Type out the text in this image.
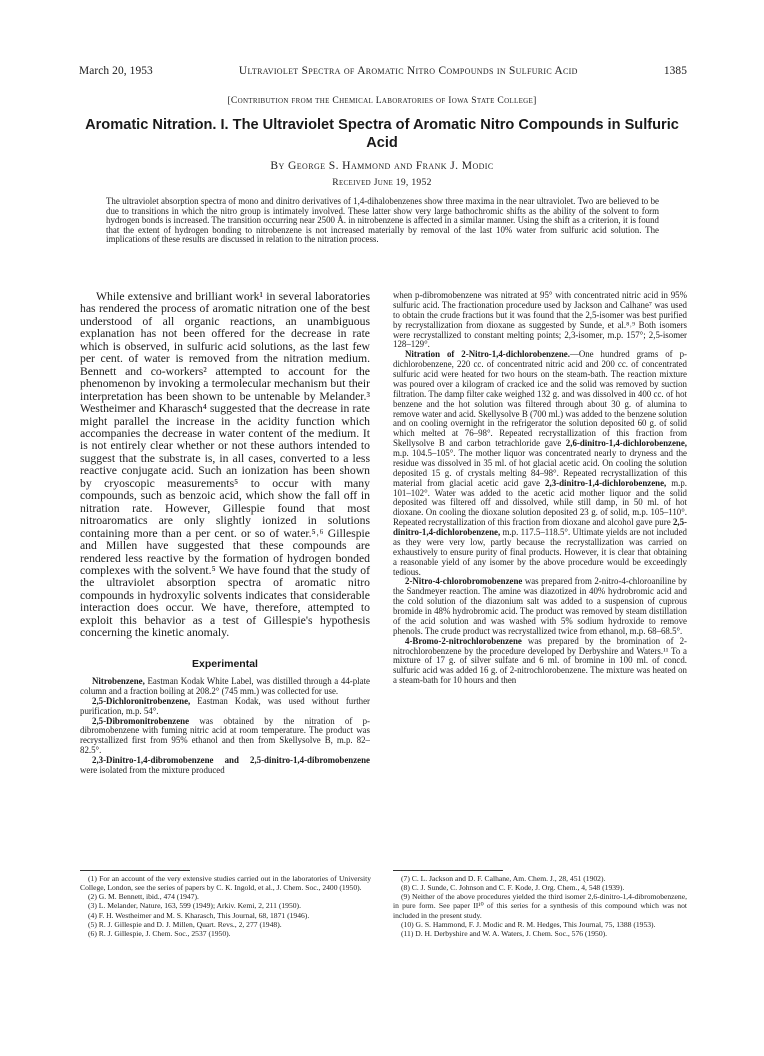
March 20, 1953	Ultraviolet Spectra of Aromatic Nitro Compounds in Sulfuric Acid	1385
[Contribution from the Chemical Laboratories of Iowa State College]
Aromatic Nitration. I. The Ultraviolet Spectra of Aromatic Nitro Compounds in Sulfuric Acid
By George S. Hammond and Frank J. Modic
Received June 19, 1952
The ultraviolet absorption spectra of mono and dinitro derivatives of 1,4-dihalobenzenes show three maxima in the near ultraviolet. Two are believed to be due to transitions in which the nitro group is intimately involved. These latter show very large bathochromic shifts as the ability of the solvent to form hydrogen bonds is increased. The transition occurring near 2500 Å. in nitrobenzene is affected in a similar manner. Using the shift as a criterion, it is found that the extent of hydrogen bonding to nitrobenzene is not increased materially by removal of the last 10% water from sulfuric acid solution. The implications of these results are discussed in relation to the nitration process.

While extensive and brilliant work¹ in several laboratories has rendered the process of aromatic nitration one of the best understood of all organic reactions, an unambiguous explanation has not been offered for the decrease in rate which is observed, in sulfuric acid solutions, as the last few per cent. of water is removed from the nitration medium. Bennett and co-workers² attempted to account for the phenomenon by invoking a termolecular mechanism but their interpretation has been shown to be untenable by Melander.³ Westheimer and Kharasch⁴ suggested that the decrease in rate might parallel the increase in the acidity function which accompanies the decrease in water content of the medium. It is not entirely clear whether or not these authors intended to suggest that the substrate is, in all cases, converted to a less reactive conjugate acid. Such an ionization has been shown by cryoscopic measurements⁵ to occur with many compounds, such as benzoic acid, which show the fall off in nitration rate. However, Gillespie found that most nitroaromatics are only slightly ionized in solutions containing more than a per cent. or so of water.⁵˒⁶ Gillespie and Millen have suggested that these compounds are rendered less reactive by the formation of hydrogen bonded complexes with the solvent.⁵ We have found that the study of the ultraviolet absorption spectra of aromatic nitro compounds in hydroxylic solvents indicates that considerable interaction does occur. We have, therefore, attempted to exploit this behavior as a test of Gillespie's hypothesis concerning the kinetic anomaly.

Experimental

Nitrobenzene, Eastman Kodak White Label, was distilled through a 44-plate column and a fraction boiling at 208.2° (745 mm.) was collected for use.

2,5-Dichloronitrobenzene, Eastman Kodak, was used without further purification, m.p. 54°.

2,5-Dibromonitrobenzene was obtained by the nitration of p-dibromobenzene with fuming nitric acid at room temperature. The product was recrystallized first from 95% ethanol and then from Skellysolve B, m.p. 82–82.5°.

2,3-Dinitro-1,4-dibromobenzene and 2,5-dinitro-1,4-dibromobenzene were isolated from the mixture produced

when p-dibromobenzene was nitrated at 95° with concentrated nitric acid in 95% sulfuric acid. The fractionation procedure used by Jackson and Calhane⁷ was used to obtain the crude fractions but it was found that the 2,5-isomer was best purified by recrystallization from dioxane as suggested by Sunde, et al.⁸˒⁹ Both isomers were recrystallized to constant melting points; 2,3-isomer, m.p. 157°; 2,5-isomer 128–129°.

Nitration of 2-Nitro-1,4-dichlorobenzene.—One hundred grams of p-dichlorobenzene, 220 cc. of concentrated nitric acid and 200 cc. of concentrated sulfuric acid were heated for two hours on the steam-bath. The reaction mixture was poured over a kilogram of cracked ice and the solid was removed by suction filtration. The damp filter cake weighed 132 g. and was dissolved in 400 cc. of hot benzene and the hot solution was filtered through about 30 g. of alumina to remove water and acid. Skellysolve B (700 ml.) was added to the benzene solution and on cooling overnight in the refrigerator the solution deposited 60 g. of solid which melted at 76–98°. Repeated recrystallization of this fraction from Skellysolve B and carbon tetrachloride gave 2,6-dinitro-1,4-dichlorobenzene, m.p. 104.5–105°. The mother liquor was concentrated nearly to dryness and the residue was dissolved in 35 ml. of hot glacial acetic acid. On cooling the solution deposited 15 g. of crystals melting 84–98°. Repeated recrystallization of this material from glacial acetic acid gave 2,3-dinitro-1,4-dichlorobenzene, m.p. 101–102°. Water was added to the acetic acid mother liquor and the solid deposited was filtered off and dissolved, while still damp, in 50 ml. of hot dioxane. On cooling the dioxane solution deposited 23 g. of solid, m.p. 105–110°. Repeated recrystallization of this fraction from dioxane and alcohol gave pure 2,5-dinitro-1,4-dichlorobenzene, m.p. 117.5–118.5°. Ultimate yields are not included as they were very low, partly because the recrystallization was carried on exhaustively to ensure purity of final products. However, it is clear that obtaining a reasonable yield of any isomer by the above procedure would be exceedingly tedious.

2-Nitro-4-chlorobromobenzene was prepared from 2-nitro-4-chloroaniline by the Sandmeyer reaction. The amine was diazotized in 40% hydrobromic acid and the cold solution of the diazonium salt was added to a suspension of cuprous bromide in 48% hydrobromic acid. The product was removed by steam distillation of the acid solution and was washed with 5% sodium hydroxide to remove phenols. The crude product was recrystallized twice from ethanol, m.p. 68–68.5°.

4-Bromo-2-nitrochlorobenzene was prepared by the bromination of 2-nitrochlorobenzene by the procedure developed by Derbyshire and Waters.¹¹ To a mixture of 17 g. of silver sulfate and 6 ml. of bromine in 100 ml. of concd. sulfuric acid was added 16 g. of 2-nitrochlorobenzene. The mixture was heated on a steam-bath for 10 hours and then

(1) For an account of the very extensive studies carried out in the laboratories of University College, London, see the series of papers by C. K. Ingold, et al., J. Chem. Soc., 2400 (1950).

(2) G. M. Bennett, ibid., 474 (1947).

(3) L. Melander, Nature, 163, 599 (1949); Arkiv. Kemi, 2, 211 (1950).

(4) F. H. Westheimer and M. S. Kharasch, This Journal, 68, 1871 (1946).

(5) R. J. Gillespie and D. J. Millen, Quart. Revs., 2, 277 (1948).

(6) R. J. Gillespie, J. Chem. Soc., 2537 (1950).

(7) C. L. Jackson and D. F. Calhane, Am. Chem. J., 28, 451 (1902).

(8) C. J. Sunde, C. Johnson and C. F. Kode, J. Org. Chem., 4, 548 (1939).

(9) Neither of the above procedures yielded the third isomer 2,6-dinitro-1,4-dibromobenzene, in pure form. See paper II¹⁰ of this series for a synthesis of this compound which was not included in the present study.

(10) G. S. Hammond, F. J. Modic and R. M. Hedges, This Journal, 75, 1388 (1953).

(11) D. H. Derbyshire and W. A. Waters, J. Chem. Soc., 576 (1950).
